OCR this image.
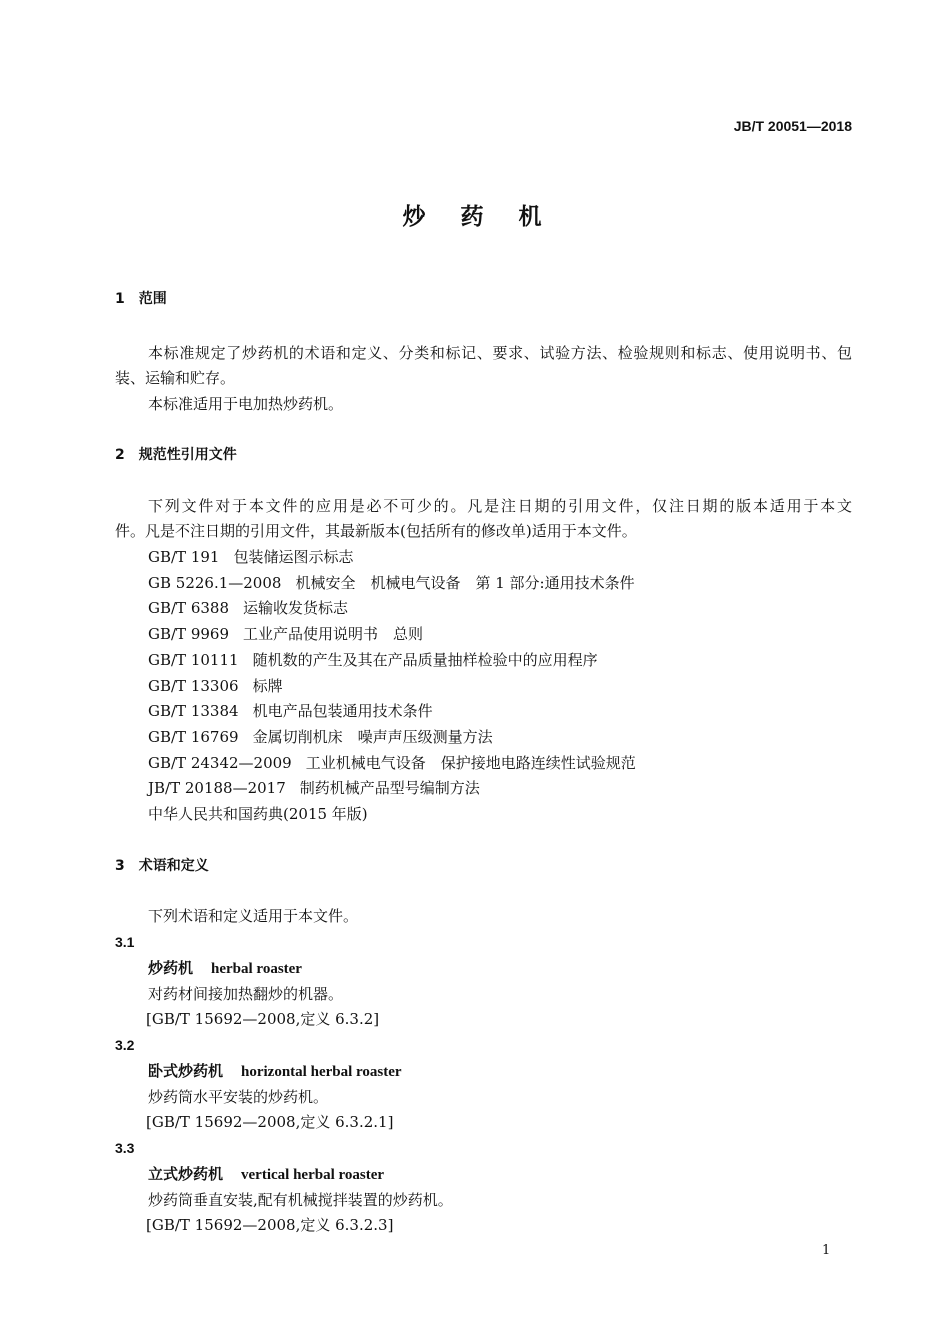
JB/T 20051—2018
炒　药　机
1 范围
本标准规定了炒药机的术语和定义、分类和标记、要求、试验方法、检验规则和标志、使用说明书、包
装、运输和贮存。
本标准适用于电加热炒药机。
2 规范性引用文件
下列文件对于本文件的应用是必不可少的。凡是注日期的引用文件，仅注日期的版本适用于本文
件。凡是不注日期的引用文件，其最新版本(包括所有的修改单)适用于本文件。
GB/T 191 包装储运图示标志
GB 5226.1—2008 机械安全　机械电气设备　第 1 部分:通用技术条件
GB/T 6388 运输收发货标志
GB/T 9969 工业产品使用说明书　总则
GB/T 10111 随机数的产生及其在产品质量抽样检验中的应用程序
GB/T 13306 标牌
GB/T 13384 机电产品包装通用技术条件
GB/T 16769 金属切削机床　噪声声压级测量方法
GB/T 24342—2009 工业机械电气设备　保护接地电路连续性试验规范
JB/T 20188—2017 制药机械产品型号编制方法
中华人民共和国药典(2015 年版)
3 术语和定义
下列术语和定义适用于本文件。
3.1
炒药机 herbal roaster
对药材间接加热翻炒的机器。
[GB/T 15692—2008,定义 6.3.2]
3.2
卧式炒药机 horizontal herbal roaster
炒药筒水平安装的炒药机。
[GB/T 15692—2008,定义 6.3.2.1]
3.3
立式炒药机 vertical herbal roaster
炒药筒垂直安装,配有机械搅拌装置的炒药机。
[GB/T 15692—2008,定义 6.3.2.3]
1
